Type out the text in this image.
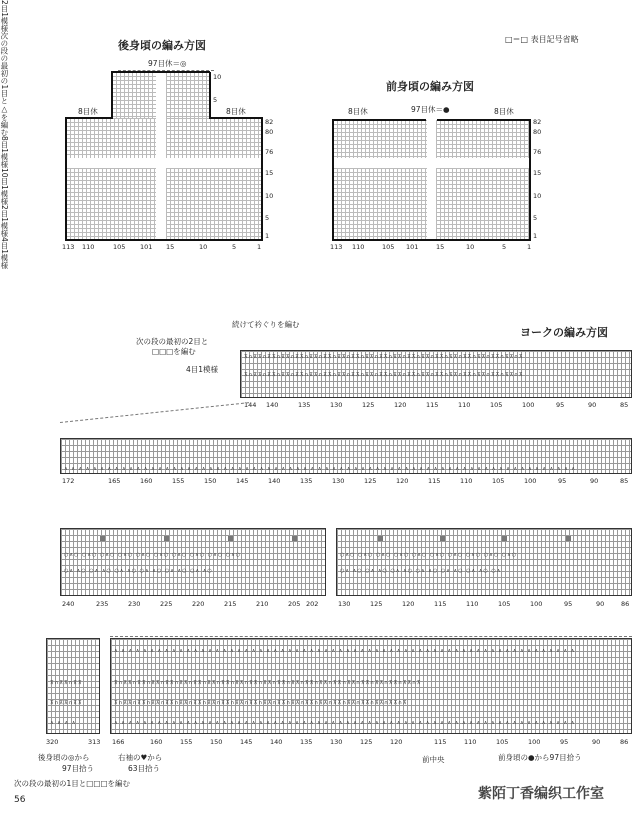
□＝□ 表目記号省略
後身頃の編み方図
97目休＝◎
8目休	8目休
10
5
82
80
76
15
10
5
1
113 110	105 101 15	10	5	1
前身頃の編み方図
8目休	97目休＝●	8目休
82
80
76
15
10
5
1
113 110	105 101	15	10	5	1
ヨークの編み方図
続けて衿ぐりを編む
次の段の最初の2目と
□□□を編む
4目1模様
⊼∩⊼⊼∩⊼⊼∩⊼⊼∩⊼⊼∩⊼⊼∩⊼⊼∩⊼⊼∩⊼⊼∩⊼⊼∩⊼⊼∩⊼⊼∩⊼⊼∩⊼⊼∩⊼⊼∩⊼⊼∩⊼⊼∩⊼⊼∩⊼⊼∩⊼⊼∩⊼
⊼∩⊼⊼∩⊼⊼∩⊼⊼∩⊼⊼∩⊼⊼∩⊼⊼∩⊼⊼∩⊼⊼∩⊼⊼∩⊼⊼∩⊼⊼∩⊼⊼∩⊼⊼∩⊼⊼∩⊼⊼∩⊼⊼∩⊼⊼∩⊼⊼∩⊼⊼∩⊼
144 140	135	130	125	120	115	110	105	100	95	90	85
2目1模様
∧ ∧ ∧ ∧ ∧ ∧ ∧ ∧ ∧ ∧ ∧ ∧ ∧ ∧ ∧ ∧ ∧ ∧ ∧ ∧ ∧ ∧ ∧ ∧ ∧ ∧ ∧ ∧ ∧ ∧ ∧ ∧ ∧ ∧ ∧ ∧ ∧ ∧ ∧ ∧ ∧ ∧ ∧ ∧ ∧ ∧ ∧ ∧ ∧ ∧ ∧ ∧ ∧ ∧ ∧ ∧ ∧ ∧ ∧ ∧ ∧ ∧ ∧ ∧ ∧ ∧ ∧ ∧ ∧ ∧ ∧
172	165	160	155	150	145	140	135	130	125	120	115	110	105	100	95	90	85
次の段の最初の1目と△を編む
8目1模様
10目1模様
○∧○ ○∧○ ○∧○ ○∧○ ○∧○ ○∧○ ○∧○ ○∧○ ○∧○ ○∧○
○∧ ∧○ ○∧ ∧○ ○∧ ∧○ ○∧ ∧○ ○∧ ∧○ ○∧ ∧○
○∧○ ○∧○ ○∧○ ○∧○ ○∧○ ○∧○ ○∧○ ○∧○ ○∧○ ○∧○
○∧ ∧○ ○∧ ∧○ ○∧ ∧○ ○∧ ∧○ ○∧ ∧○ ○∧ ∧○ ○∧
240	235	230	225	220	215	210	205 202	130	125	120	115	110	105	100	95	90	86
2目1模様
4目1模様
⊼∩⊼⊼∩⊼⊼
⊼∩⊼⊼∩⊼⊼
∧ ∧ ∧ ∧
⊼∩⊼⊼∩⊼⊼∩⊼⊼∩⊼⊼∩⊼⊼∩⊼⊼∩⊼⊼∩⊼⊼∩⊼⊼∩⊼⊼∩⊼⊼∩⊼⊼∩⊼⊼∩⊼⊼∩⊼⊼∩⊼⊼∩⊼⊼∩⊼⊼∩⊼⊼∩⊼⊼∩⊼⊼∩⊼
⊼∩⊼⊼∩⊼⊼∩⊼⊼∩⊼⊼∩⊼⊼∩⊼⊼∩⊼⊼∩⊼⊼∩⊼⊼∩⊼⊼∩⊼⊼∩⊼⊼∩⊼⊼∩⊼⊼∩⊼⊼∩⊼⊼∩⊼⊼∩⊼⊼∩⊼⊼∩⊼⊼∩⊼
∧ ∧ ∧ ∧ ∧ ∧ ∧ ∧ ∧ ∧ ∧ ∧ ∧ ∧ ∧ ∧ ∧ ∧ ∧ ∧ ∧ ∧ ∧ ∧ ∧ ∧ ∧ ∧ ∧ ∧ ∧ ∧ ∧ ∧ ∧ ∧ ∧ ∧ ∧ ∧ ∧ ∧ ∧ ∧ ∧ ∧ ∧ ∧ ∧ ∧ ∧ ∧ ∧ ∧ ∧ ∧ ∧ ∧ ∧ ∧ ∧ ∧ ∧ ∧
∧ ∧ ∧ ∧ ∧ ∧ ∧ ∧ ∧ ∧ ∧ ∧ ∧ ∧ ∧ ∧ ∧ ∧ ∧ ∧ ∧ ∧ ∧ ∧ ∧ ∧ ∧ ∧ ∧ ∧ ∧ ∧ ∧ ∧ ∧ ∧ ∧ ∧ ∧ ∧ ∧ ∧ ∧ ∧ ∧ ∧ ∧ ∧ ∧ ∧ ∧ ∧ ∧ ∧ ∧ ∧ ∧ ∧ ∧ ∧ ∧ ∧ ∧ ∧
320	313 166	160	155	150	145	140	135	130	125	120	115	110	105	100	95	90	86
後身頃の◎から
97目拾う
右袖の♥から
63目拾う
前中央	前身頃の●から97目拾う
次の段の最初の1目と□□□を編む
56	紫陌丁香编织工作室
